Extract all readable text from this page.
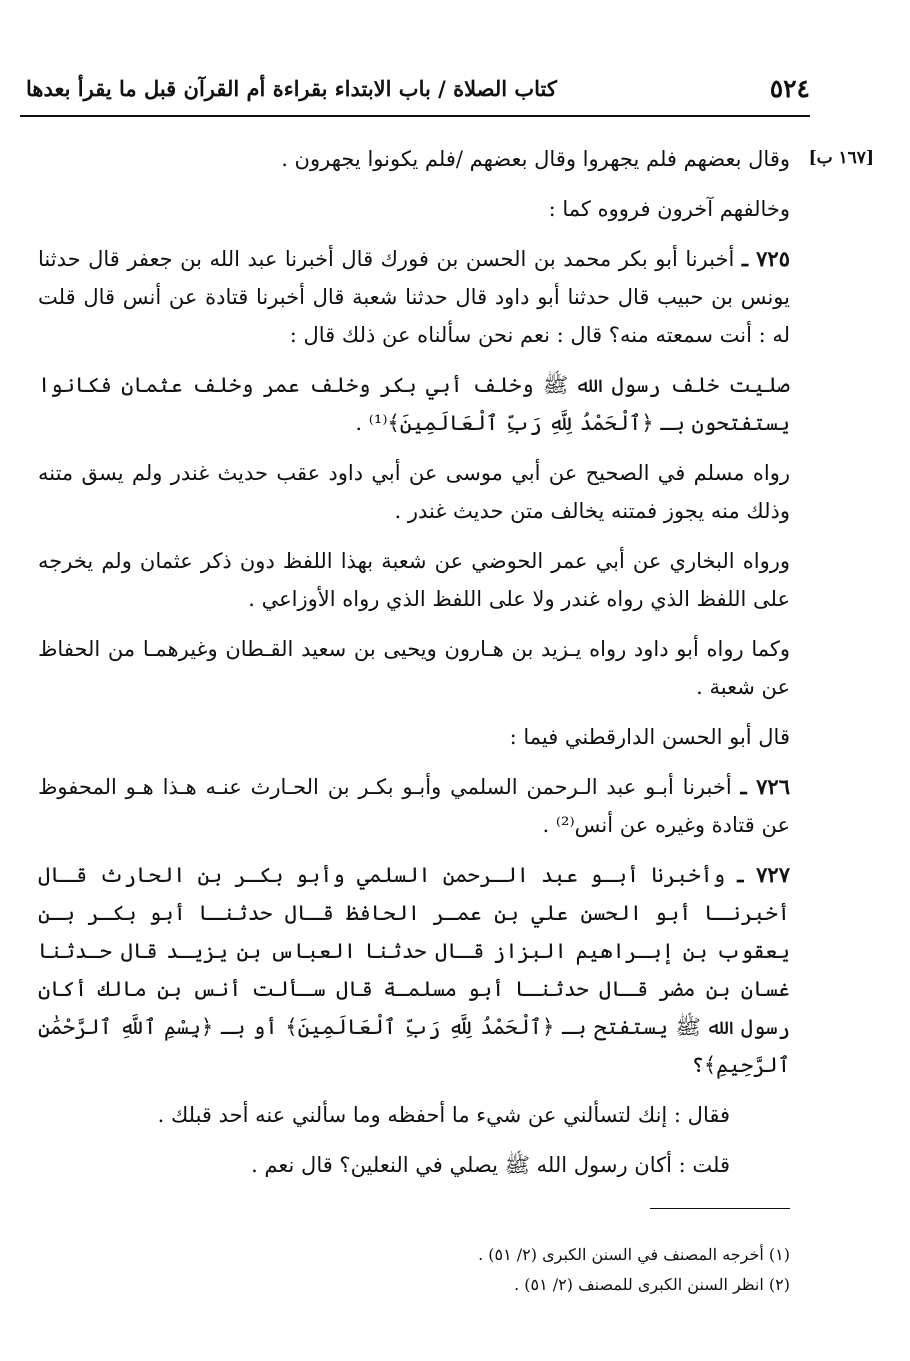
٥٢٤
كتاب الصلاة / باب الابتداء بقراءة أم القرآن قبل ما يقرأ بعدها
[١٦٧ ب]

وقال بعضهم فلم يجهروا وقال بعضهم /فلم يكونوا يجهرون .

وخالفهم آخرون فرووه كما :

٧٢٥ ـ أخبرنا أبو بكر محمد بن الحسن بن فورك قال أخبرنا عبد الله بن جعفر قال حدثنا يونس بن حبيب قال حدثنا أبو داود قال حدثنا شعبة قال أخبرنا قتادة عن أنس قال قلت له : أنت سمعته منه؟ قال : نعم نحن سألناه عن ذلك قال :

صليت خلف رسول الله ﷺ وخلف أبي بكر وخلف عمر وخلف عثمان فكانوا يستفتحون بـ ﴿ٱلْحَمْدُ لِلَّهِ رَبِّ ٱلْعَالَمِينَ﴾⁽¹⁾ .

رواه مسلم في الصحيح عن أبي موسى عن أبي داود عقب حديث غندر ولم يسق متنه وذلك منه يجوز فمتنه يخالف متن حديث غندر .

ورواه البخاري عن أبي عمر الحوضي عن شعبة بهذا اللفظ دون ذكر عثمان ولم يخرجه على اللفظ الذي رواه غندر ولا على اللفظ الذي رواه الأوزاعي .

وكما رواه أبو داود رواه يـزيد بن هـارون ويحيى بن سعيد القـطان وغيرهمـا من الحفاظ عن شعبة .

قال أبو الحسن الدارقطني فيما :

٧٢٦ ـ أخبرنا أبـو عبد الـرحمن السلمي وأبـو بكـر بن الحـارث عنـه هـذا هـو المحفوظ عن قتادة وغيره عن أنس⁽²⁾ .

٧٢٧ ـ وأخبرنا أبـو عبد الـرحمن السلمي وأبو بكـر بن الحارث قـال أخبرنـا أبو الحسن علي بن عمـر الحافظ قـال حدثنـا أبو بكـر بـن يعقوب بن إبـراهيم البزاز قـال حدثنا العباس بن يزيـد قال حـدثنا غسان بن مضر قـال حدثنـا أبو مسلمـة قال سـألت أنس بن مالك أكان رسول الله ﷺ يستفتح بـ ﴿ٱلْحَمْدُ لِلَّهِ رَبِّ ٱلْعَالَمِينَ﴾ أو بـ ﴿بِسْمِ ٱللَّهِ ٱلرَّحْمَٰنِ ٱلرَّحِيمِ﴾؟

فقال : إنك لتسألني عن شيء ما أحفظه وما سألني عنه أحد قبلك .

قلت : أكان رسول الله ﷺ يصلي في النعلين؟ قال نعم .

(١) أخرجه المصنف في السنن الكبرى (٢/ ٥١) .
(٢) انظر السنن الكبرى للمصنف (٢/ ٥١) .
